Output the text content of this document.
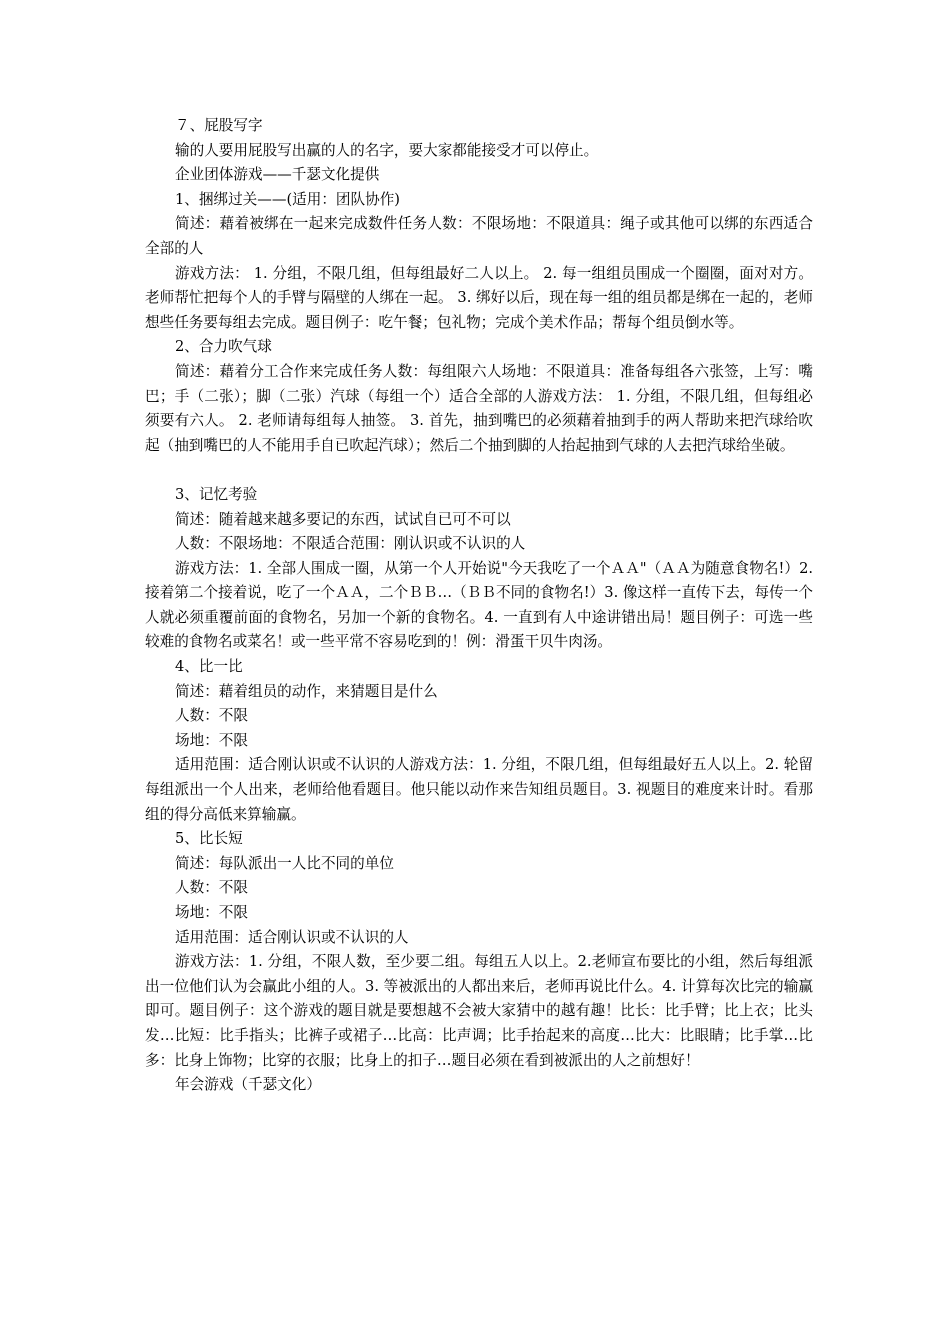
７、屁股写字

输的人要用屁股写出赢的人的名字，要大家都能接受才可以停止。

企业团体游戏——千瑟文化提供

1、捆绑过关——(适用：团队协作)

简述：藉着被绑在一起来完成数件任务人数：不限场地：不限道具：绳子或其他可以绑的东西适合全部的人

游戏方法： 1. 分组，不限几组，但每组最好二人以上。 2. 每一组组员围成一个圈圈，面对对方。老师帮忙把每个人的手臂与隔壁的人绑在一起。 3. 绑好以后，现在每一组的组员都是绑在一起的，老师想些任务要每组去完成。题目例子：吃午餐；包礼物；完成个美术作品；帮每个组员倒水等。

2、合力吹气球

简述：藉着分工合作来完成任务人数：每组限六人场地：不限道具：准备每组各六张签，上写：嘴巴；手（二张）；脚（二张）汽球（每组一个）适合全部的人游戏方法： 1. 分组，不限几组，但每组必须要有六人。 2. 老师请每组每人抽签。 3. 首先，抽到嘴巴的必须藉着抽到手的两人帮助来把汽球给吹起（抽到嘴巴的人不能用手自已吹起汽球）；然后二个抽到脚的人抬起抽到气球的人去把汽球给坐破。

3、记忆考验

简述：随着越来越多要记的东西，试试自已可不可以

人数：不限场地：不限适合范围：刚认识或不认识的人

游戏方法：1. 全部人围成一圈，从第一个人开始说"今天我吃了一个ＡＡ"（ＡＡ为随意食物名!）2. 接着第二个接着说，吃了一个ＡＡ，二个ＢＢ…（ＢＢ不同的食物名!）3. 像这样一直传下去，每传一个人就必须重覆前面的食物名，另加一个新的食物名。4. 一直到有人中途讲错出局！题目例子：可选一些较难的食物名或菜名！或一些平常不容易吃到的！例：滑蛋干贝牛肉汤。

4、比一比

简述：藉着组员的动作，来猜题目是什么

人数：不限

场地：不限

适用范围：适合刚认识或不认识的人游戏方法：1. 分组，不限几组，但每组最好五人以上。2. 轮留每组派出一个人出来，老师给他看题目。他只能以动作来告知组员题目。3. 视题目的难度来计时。看那组的得分高低来算输赢。

5、比长短

简述：每队派出一人比不同的单位

人数：不限

场地：不限

适用范围：适合刚认识或不认识的人

游戏方法：1. 分组，不限人数，至少要二组。每组五人以上。2.老师宣布要比的小组，然后每组派出一位他们认为会赢此小组的人。3. 等被派出的人都出来后，老师再说比什么。4. 计算每次比完的输赢即可。题目例子：这个游戏的题目就是要想越不会被大家猜中的越有趣！比长：比手臂；比上衣；比头发…比短：比手指头；比裤子或裙子…比高：比声调；比手抬起来的高度…比大：比眼睛；比手掌…比多：比身上饰物；比穿的衣服；比身上的扣子…题目必须在看到被派出的人之前想好！

年会游戏（千瑟文化）
